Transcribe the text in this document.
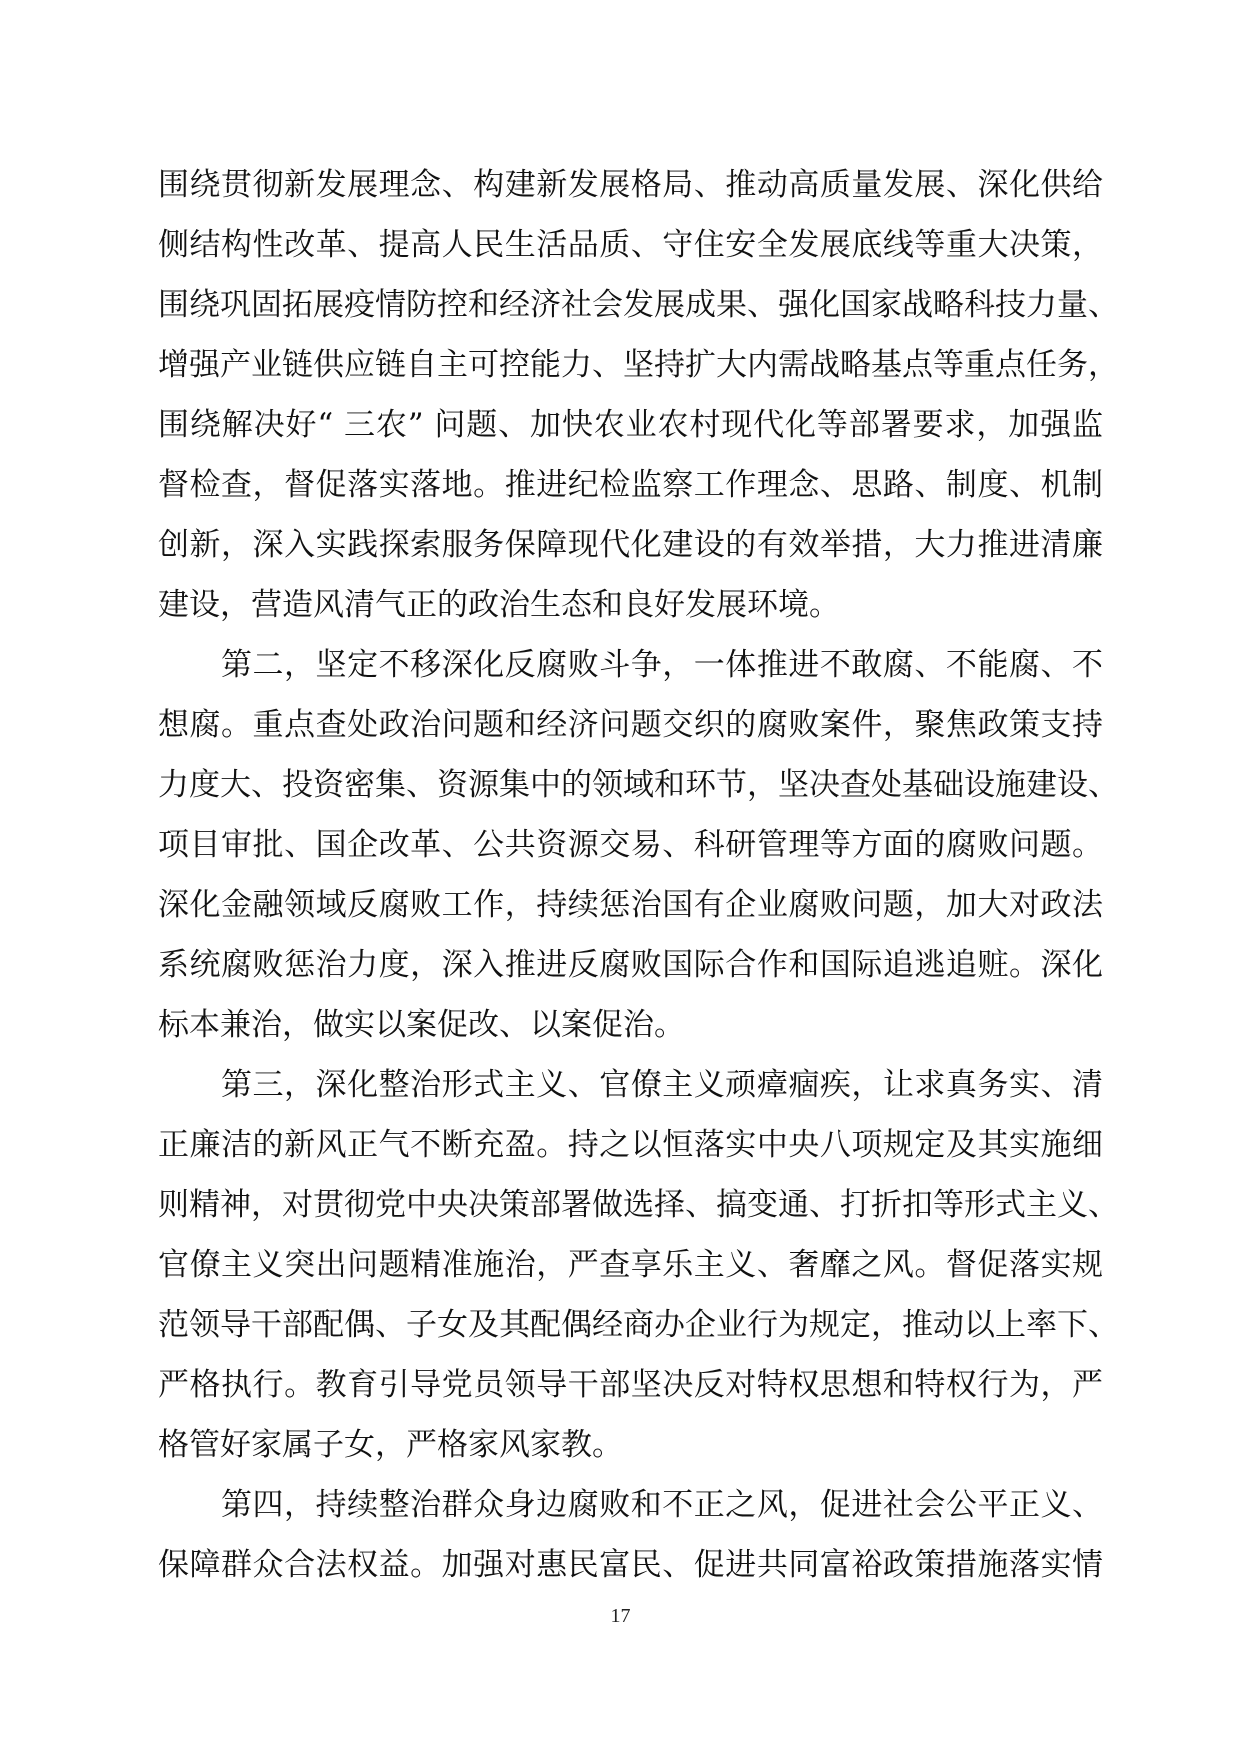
围绕贯彻新发展理念、构建新发展格局、推动高质量发展、深化供给
侧结构性改革、提高人民生活品质、守住安全发展底线等重大决策，
围绕巩固拓展疫情防控和经济社会发展成果、强化国家战略科技力量、
增强产业链供应链自主可控能力、坚持扩大内需战略基点等重点任务，
围绕解决好“ 三农” 问题、加快农业农村现代化等部署要求，加强监
督检查，督促落实落地。推进纪检监察工作理念、思路、制度、机制
创新，深入实践探索服务保障现代化建设的有效举措，大力推进清廉
建设，营造风清气正的政治生态和良好发展环境。
第二，坚定不移深化反腐败斗争，一体推进不敢腐、不能腐、不
想腐。重点查处政治问题和经济问题交织的腐败案件，聚焦政策支持
力度大、投资密集、资源集中的领域和环节，坚决查处基础设施建设、
项目审批、国企改革、公共资源交易、科研管理等方面的腐败问题。
深化金融领域反腐败工作，持续惩治国有企业腐败问题，加大对政法
系统腐败惩治力度，深入推进反腐败国际合作和国际追逃追赃。深化
标本兼治，做实以案促改、以案促治。
第三，深化整治形式主义、官僚主义顽瘴痼疾，让求真务实、清
正廉洁的新风正气不断充盈。持之以恒落实中央八项规定及其实施细
则精神，对贯彻党中央决策部署做选择、搞变通、打折扣等形式主义、
官僚主义突出问题精准施治，严查享乐主义、奢靡之风。督促落实规
范领导干部配偶、子女及其配偶经商办企业行为规定，推动以上率下、
严格执行。教育引导党员领导干部坚决反对特权思想和特权行为，严
格管好家属子女，严格家风家教。
第四，持续整治群众身边腐败和不正之风，促进社会公平正义、
保障群众合法权益。加强对惠民富民、促进共同富裕政策措施落实情
17
